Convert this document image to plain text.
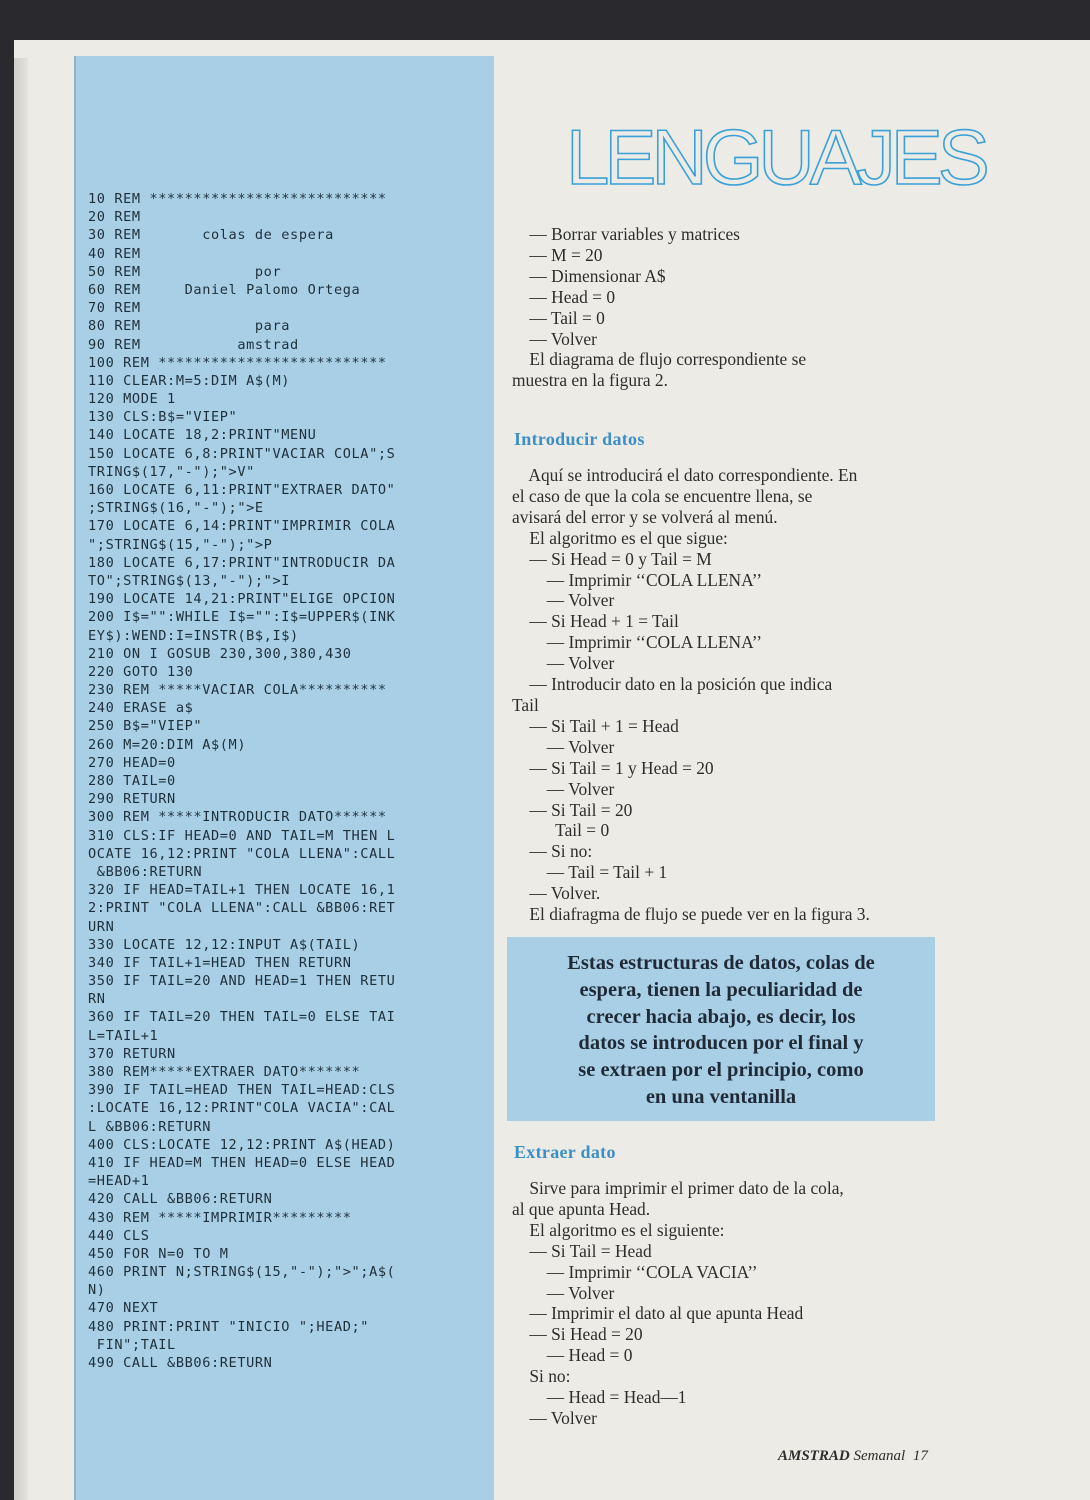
10 REM ***************************
20 REM
30 REM       colas de espera
40 REM
50 REM             por
60 REM     Daniel Palomo Ortega
70 REM
80 REM             para
90 REM           amstrad
100 REM **************************
110 CLEAR:M=5:DIM A$(M)
120 MODE 1
130 CLS:B$="VIEP"
140 LOCATE 18,2:PRINT"MENU
150 LOCATE 6,8:PRINT"VACIAR COLA";S
TRING$(17,"-");">V"
160 LOCATE 6,11:PRINT"EXTRAER DATO"
;STRING$(16,"-");">E
170 LOCATE 6,14:PRINT"IMPRIMIR COLA
";STRING$(15,"-");">P
180 LOCATE 6,17:PRINT"INTRODUCIR DA
TO";STRING$(13,"-");">I
190 LOCATE 14,21:PRINT"ELIGE OPCION
200 I$="":WHILE I$="":I$=UPPER$(INK
EY$):WEND:I=INSTR(B$,I$)
210 ON I GOSUB 230,300,380,430
220 GOTO 130
230 REM *****VACIAR COLA**********
240 ERASE a$
250 B$="VIEP"
260 M=20:DIM A$(M)
270 HEAD=0
280 TAIL=0
290 RETURN
300 REM *****INTRODUCIR DATO******
310 CLS:IF HEAD=0 AND TAIL=M THEN L
OCATE 16,12:PRINT "COLA LLENA":CALL
&BB06:RETURN
320 IF HEAD=TAIL+1 THEN LOCATE 16,1
2:PRINT "COLA LLENA":CALL &BB06:RET
URN
330 LOCATE 12,12:INPUT A$(TAIL)
340 IF TAIL+1=HEAD THEN RETURN
350 IF TAIL=20 AND HEAD=1 THEN RETU
RN
360 IF TAIL=20 THEN TAIL=0 ELSE TAI
L=TAIL+1
370 RETURN
380 REM*****EXTRAER DATO*******
390 IF TAIL=HEAD THEN TAIL=HEAD:CLS
:LOCATE 16,12:PRINT"COLA VACIA":CAL
L &BB06:RETURN
400 CLS:LOCATE 12,12:PRINT A$(HEAD)
410 IF HEAD=M THEN HEAD=0 ELSE HEAD
=HEAD+1
420 CALL &BB06:RETURN
430 REM *****IMPRIMIR*********
440 CLS
450 FOR N=0 TO M
460 PRINT N;STRING$(15,"-");">";A$(
N)
470 NEXT
480 PRINT:PRINT "INICIO ";HEAD;"
FIN";TAIL
490 CALL &BB06:RETURN
LENGUAJES
— Borrar variables y matrices
— M = 20
— Dimensionar A$
— Head = 0
— Tail = 0
— Volver
El diagrama de flujo correspondiente se
muestra en la figura 2.
Introducir datos
Aquí se introducirá el dato correspondiente. En
el caso de que la cola se encuentre llena, se
avisará del error y se volverá al menú.
El algoritmo es el que sigue:
— Si Head = 0 y Tail = M
— Imprimir ‘‘COLA LLENA’’
— Volver
— Si Head + 1 = Tail
— Imprimir ‘‘COLA LLENA’’
— Volver
— Introducir dato en la posición que indica
Tail
— Si Tail + 1 = Head
— Volver
— Si Tail = 1 y Head = 20
— Volver
— Si Tail = 20
Tail = 0
— Si no:
— Tail = Tail + 1
— Volver.
El diafragma de flujo se puede ver en la figura 3.
Estas estructuras de datos, colas de
espera, tienen la peculiaridad de
crecer hacia abajo, es decir, los
datos se introducen por el final y
se extraen por el principio, como
en una ventanilla
Extraer dato
Sirve para imprimir el primer dato de la cola,
al que apunta Head.
El algoritmo es el siguiente:
— Si Tail = Head
— Imprimir ‘‘COLA VACIA’’
— Volver
— Imprimir el dato al que apunta Head
— Si Head = 20
— Head = 0
Si no:
— Head = Head—1
— Volver
AMSTRAD Semanal 17
